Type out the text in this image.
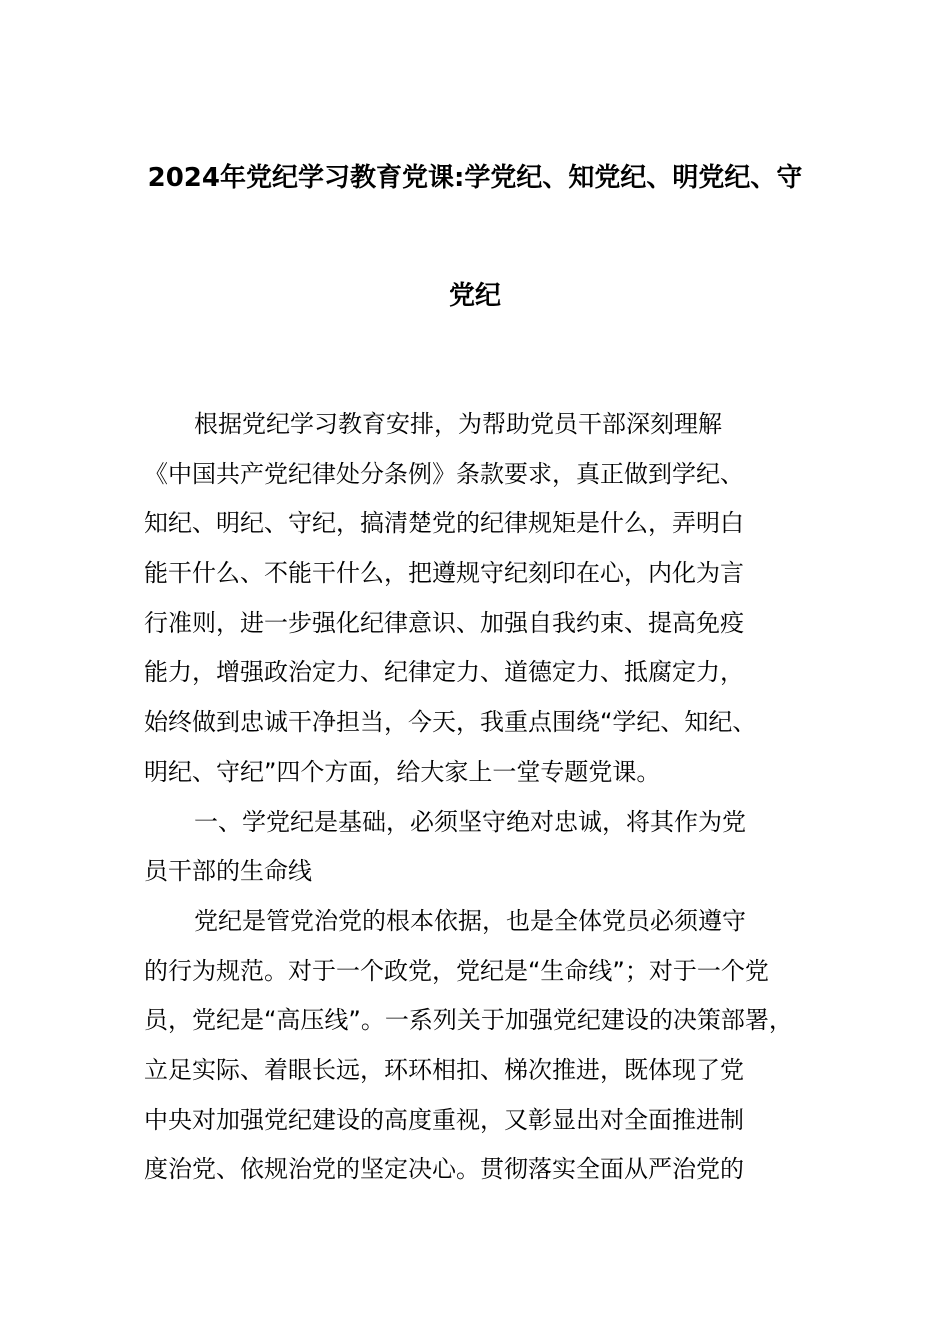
2024年党纪学习教育党课:学党纪、知党纪、明党纪、守
党纪
根据党纪学习教育安排，为帮助党员干部深刻理解
《中国共产党纪律处分条例》条款要求，真正做到学纪、
知纪、明纪、守纪，搞清楚党的纪律规矩是什么，弄明白
能干什么、不能干什么，把遵规守纪刻印在心，内化为言
行准则，进一步强化纪律意识、加强自我约束、提高免疫
能力，增强政治定力、纪律定力、道德定力、抵腐定力，
始终做到忠诚干净担当，今天，我重点围绕“学纪、知纪、
明纪、守纪”四个方面，给大家上一堂专题党课。
一、学党纪是基础，必须坚守绝对忠诚，将其作为党
员干部的生命线
党纪是管党治党的根本依据，也是全体党员必须遵守
的行为规范。对于一个政党，党纪是“生命线”；对于一个党
员，党纪是“高压线”。一系列关于加强党纪建设的决策部署，
立足实际、着眼长远，环环相扣、梯次推进，既体现了党
中央对加强党纪建设的高度重视，又彰显出对全面推进制
度治党、依规治党的坚定决心。贯彻落实全面从严治党的
